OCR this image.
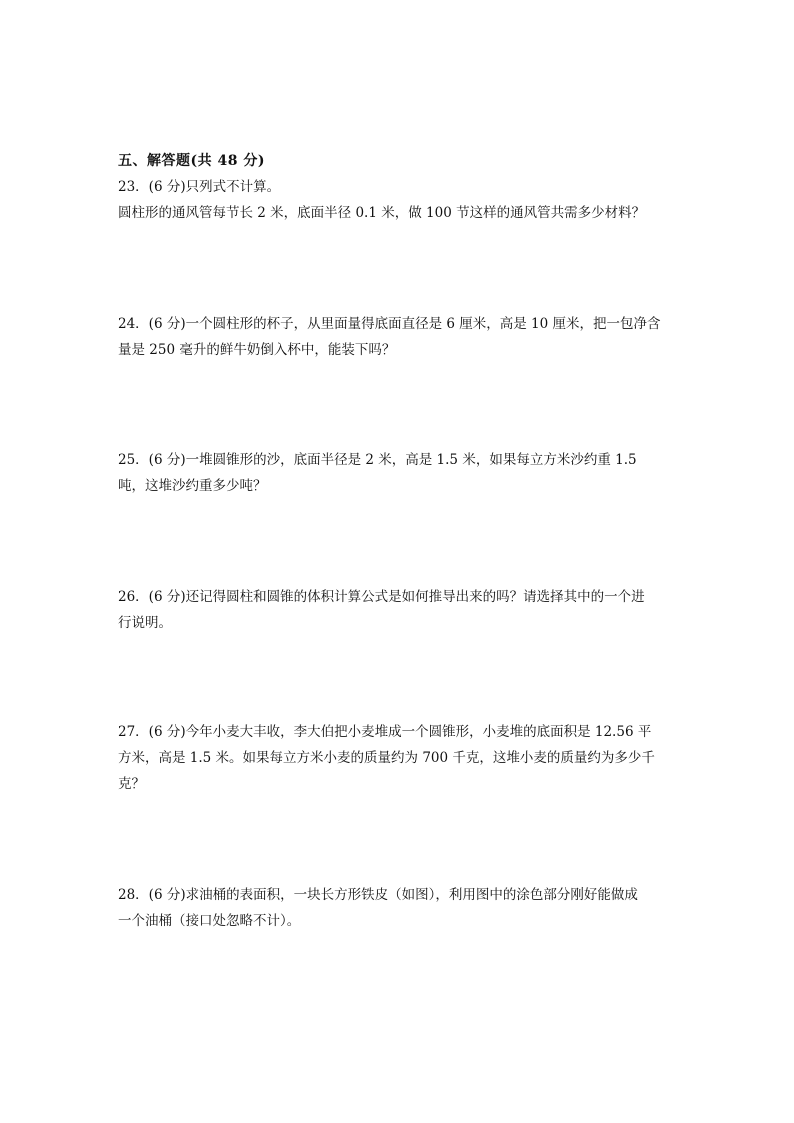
五、解答题(共 48 分)
23．(6 分)只列式不计算。
圆柱形的通风管每节长 2 米，底面半径 0.1 米，做 100 节这样的通风管共需多少材料？
24．(6 分)一个圆柱形的杯子，从里面量得底面直径是 6 厘米，高是 10 厘米，把一包净含
量是 250 毫升的鲜牛奶倒入杯中，能装下吗？
25．(6 分)一堆圆锥形的沙，底面半径是 2 米，高是 1.5 米，如果每立方米沙约重 1.5
吨，这堆沙约重多少吨？
26．(6 分)还记得圆柱和圆锥的体积计算公式是如何推导出来的吗？请选择其中的一个进
行说明。
27．(6 分)今年小麦大丰收，李大伯把小麦堆成一个圆锥形，小麦堆的底面积是 12.56 平
方米，高是 1.5 米。如果每立方米小麦的质量约为 700 千克，这堆小麦的质量约为多少千
克？
28．(6 分)求油桶的表面积，一块长方形铁皮（如图），利用图中的涂色部分刚好能做成
一个油桶（接口处忽略不计）。
